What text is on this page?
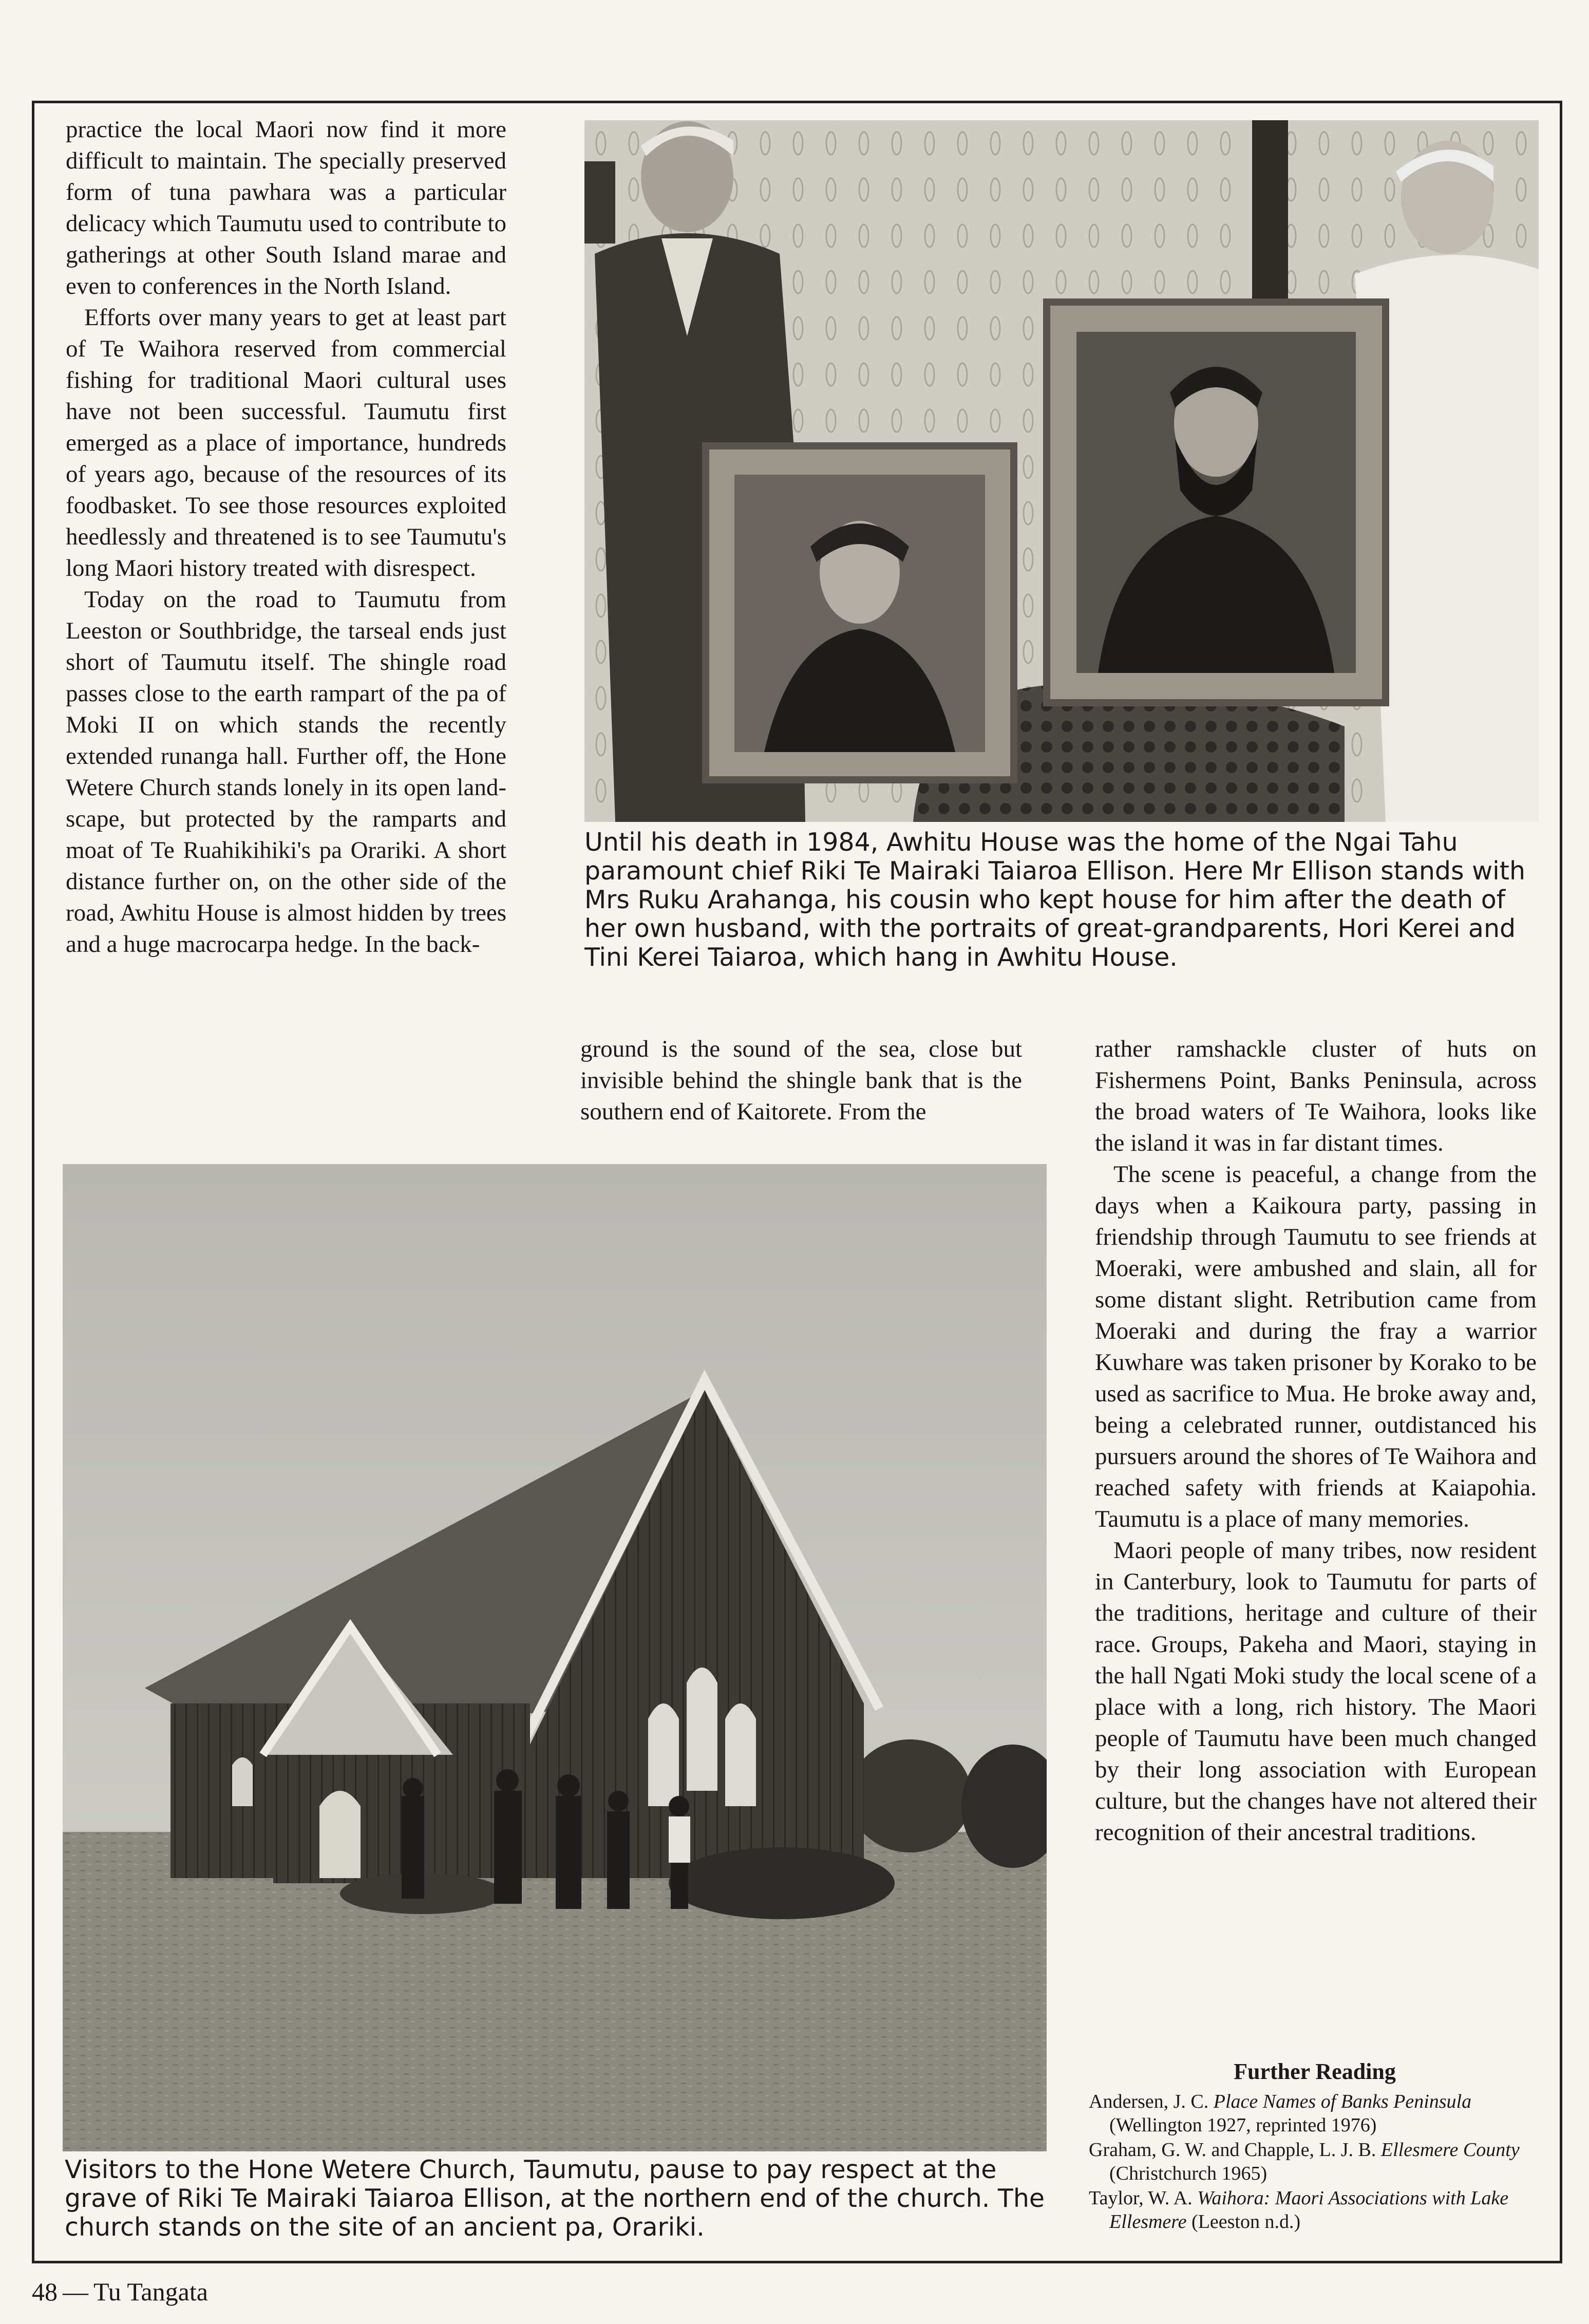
practice the local Maori now find it more difficult to maintain. The specially preserved form of tuna pawhara was a particular delicacy which Taumutu used to contribute to gatherings at other South Island marae and even to conferences in the North Island.

Efforts over many years to get at least part of Te Waihora reserved from commercial fishing for traditional Maori cultural uses have not been successful. Taumutu first emerged as a place of importance, hundreds of years ago, because of the resources of its foodbasket. To see those resources exploited heedlessly and threatened is to see Taumutu's long Maori history treated with disrespect.

Today on the road to Taumutu from Leeston or Southbridge, the tarseal ends just short of Taumutu itself. The shingle road passes close to the earth rampart of the pa of Moki II on which stands the recently extended runanga hall. Further off, the Hone Wetere Church stands lonely in its open landscape, but protected by the ramparts and moat of Te Ruahikihiki's pa Orariki. A short distance further on, on the other side of the road, Awhitu House is almost hidden by trees and a huge macrocarpa hedge. In the back-

Until his death in 1984, Awhitu House was the home of the Ngai Tahu paramount chief Riki Te Mairaki Taiaroa Ellison. Here Mr Ellison stands with Mrs Ruku Arahanga, his cousin who kept house for him after the death of her own husband, with the portraits of great-grandparents, Hori Kerei and Tini Kerei Taiaroa, which hang in Awhitu House.

ground is the sound of the sea, close but invisible behind the shingle bank that is the southern end of Kaitorete. From the

rather ramshackle cluster of huts on Fishermens Point, Banks Peninsula, across the broad waters of Te Waihora, looks like the island it was in far distant times.

The scene is peaceful, a change from the days when a Kaikoura party, passing in friendship through Taumutu to see friends at Moeraki, were ambushed and slain, all for some distant slight. Retribution came from Moeraki and during the fray a warrior Kuwhare was taken prisoner by Korako to be used as sacrifice to Mua. He broke away and, being a celebrated runner, outdistanced his pursuers around the shores of Te Waihora and reached safety with friends at Kaiapohia. Taumutu is a place of many memories.

Maori people of many tribes, now resident in Canterbury, look to Taumutu for parts of the traditions, heritage and culture of their race. Groups, Pakeha and Maori, staying in the hall Ngati Moki study the local scene of a place with a long, rich history. The Maori people of Taumutu have been much changed by their long association with European culture, but the changes have not altered their recognition of their ancestral traditions.

Visitors to the Hone Wetere Church, Taumutu, pause to pay respect at the grave of Riki Te Mairaki Taiaroa Ellison, at the northern end of the church. The church stands on the site of an ancient pa, Orariki.
Further Reading

Andersen, J. C. Place Names of Banks Peninsula (Wellington 1927, reprinted 1976)

Graham, G. W. and Chapple, L. J. B. Ellesmere County (Christchurch 1965)

Taylor, W. A. Waihora: Maori Associations with Lake Ellesmere (Leeston n.d.)

48 — Tu Tangata
